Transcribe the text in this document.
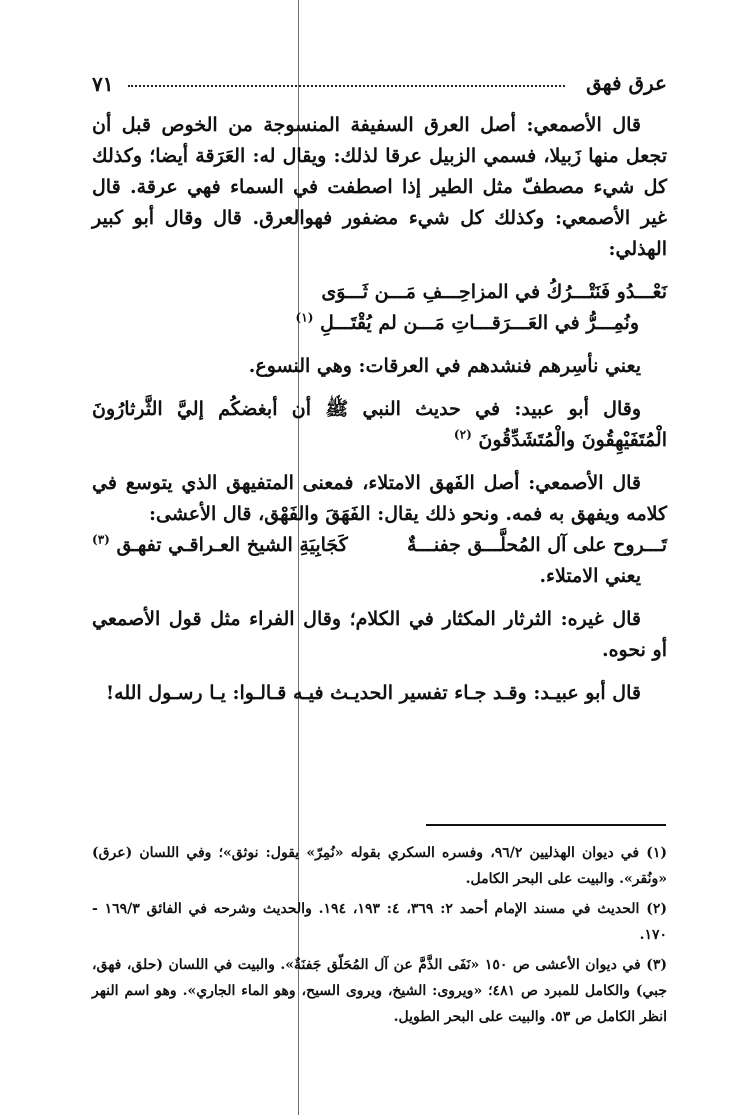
٧١	عرق فهق

قال الأصمعي: أصل العرق السفيفة المنسوجة من الخوص قبل أن تجعل منها زَبيلا، فسمي الزبيل عرقا لذلك: ويقال له: العَرَقة أيضا؛ وكذلك كل شيء مصطفّ مثل الطير إذا اصطفت في السماء فهي عرقة. قال غير الأصمعي: وكذلك كل شيء مضفور فهوالعرق. قال وقال أبو كبير الهذلي:

نَعْـــدُو فَنَتْـــرُكُ في المزاحِـــفِ مَـــن ثَـــوَى

ونُمِـــرُّ في العَـــرَقـــاتِ مَـــن لم يُقْتَـــلِ $^{(١)}$

يعني نأسِرهم فنشدهم في العرقات: وهي النسوع.

وقال أبو عبيد: في حديث النبي ﷺ أن أبغضكُم إليَّ الثَّرثارُونَ الْمُتَفَيْهِقُونَ والْمُتَشَدِّقُونَ $^{(٢)}$

قال الأصمعي: أصل الفَهق الامتلاء، فمعنى المتفيهق الذي يتوسع في كلامه ويفهق به فمه. ونحو ذلك يقال: الفَهَقَ والفَهْق، قال الأعشى:

تَـــروح على آل المُحلَّـــق جفنـــةٌ
كَجَابِيَةِ الشيخ العـراقـي تفهـق $^{(٣)}$

يعني الامتلاء.

قال غيره: الثرثار المكثار في الكلام؛ وقال الفراء مثل قول الأصمعي أو نحوه.

قال أبو عبيـد: وقـد جـاء تفسير الحديـث فيـه قـالـوا: يـا رسـول الله!

(١) في ديوان الهذليين ٩٦/٢، وفسره السكري بقوله «نُمِرّ» يقول: نوثق»؛ وفي اللسان (عرق) «ونُقر». والبيت على البحر الكامل.

(٢) الحديث في مسند الإمام أحمد ٢: ٣٦٩، ٤: ١٩٣، ١٩٤. والحديث وشرحه في الفائق ١٦٩/٣ - ١٧٠.

(٣) في ديوان الأعشى ص ١٥٠ «نَفَى الذَّمَّ عن آل المُحَلّق جَفنَةٌ». والبيت في اللسان (حلق، فهق، جبي) والكامل للمبرد ص ٤٨١؛ «ويروى: الشيخ، ويروى السيح، وهو الماء الجاري». وهو اسم النهر انظر الكامل ص ٥٣. والبيت على البحر الطويل.
